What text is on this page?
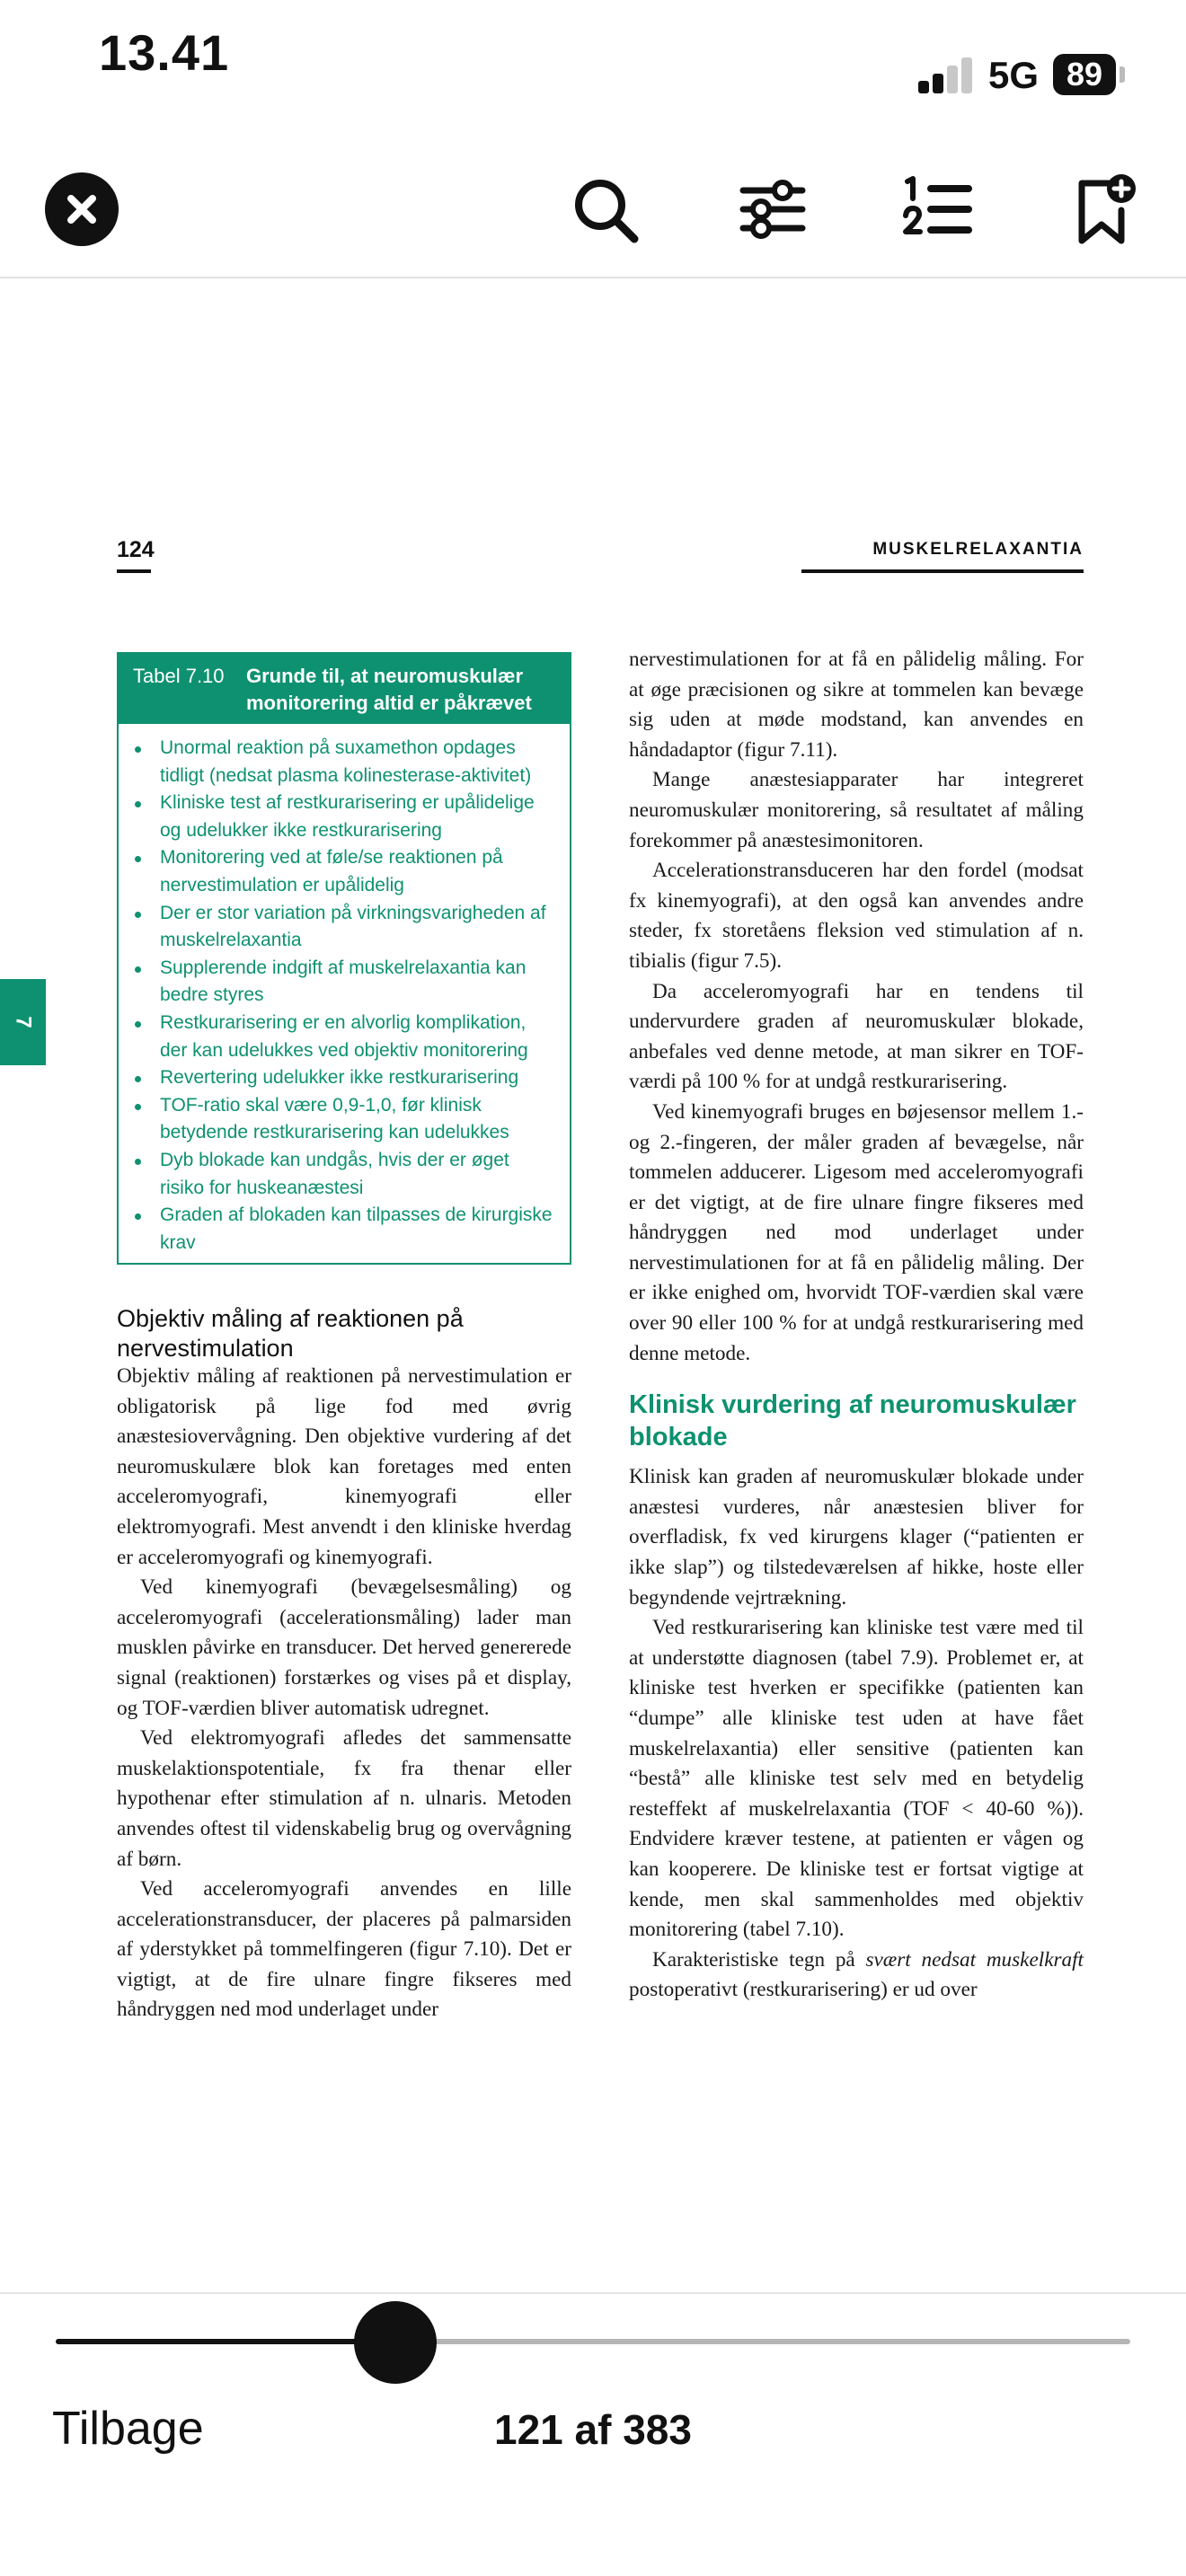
13.41	5G 89
124	MUSKELRELAXANTIA
7
Tabel 7.10	Grunde til, at neuromuskulær monitorering altid er påkrævet
Unormal reaktion på suxamethon opdages tidligt (nedsat plasma kolinesterase-aktivitet)
Kliniske test af restkurarisering er upålidelige og udelukker ikke restkurarisering
Monitorering ved at føle/se reaktionen på nervestimulation er upålidelig
Der er stor variation på virkningsvarigheden af muskelrelaxantia
Supplerende indgift af muskelrelaxantia kan bedre styres
Restkurarisering er en alvorlig komplikation, der kan udelukkes ved objektiv monitorering
Revertering udelukker ikke restkurarisering
TOF-ratio skal være 0,9-1,0, før klinisk betydende restkurarisering kan udelukkes
Dyb blokade kan undgås, hvis der er øget risiko for huskeanæstesi
Graden af blokaden kan tilpasses de kirurgiske krav
Objektiv måling af reaktionen på nervestimulation

Objektiv måling af reaktionen på nervestimulation er obligatorisk på lige fod med øvrig anæstesiovervågning. Den objektive vurdering af det neuromuskulære blok kan foretages med enten acceleromyografi, kinemyografi eller elektromyografi. Mest anvendt i den kliniske hverdag er acceleromyografi og kinemyografi.

Ved kinemyografi (bevægelsesmåling) og acceleromyografi (accelerationsmåling) lader man musklen påvirke en transducer. Det herved genererede signal (reaktionen) forstærkes og vises på et display, og TOF-værdien bliver automatisk udregnet.

Ved elektromyografi afledes det sammensatte muskelaktionspotentiale, fx fra thenar eller hypothenar efter stimulation af n. ulnaris. Metoden anvendes oftest til videnskabelig brug og overvågning af børn.

Ved acceleromyografi anvendes en lille accelerationstransducer, der placeres på palmarsiden af yderstykket på tommelfingeren (figur 7.10). Det er vigtigt, at de fire ulnare fingre fikseres med håndryggen ned mod underlaget under

nervestimulationen for at få en pålidelig måling. For at øge præcisionen og sikre at tommelen kan bevæge sig uden at møde modstand, kan anvendes en håndadaptor (figur 7.11).

Mange anæstesiapparater har integreret neuromuskulær monitorering, så resultatet af måling forekommer på anæstesimonitoren.

Accelerationstransduceren har den fordel (modsat fx kinemyografi), at den også kan anvendes andre steder, fx storetåens fleksion ved stimulation af n. tibialis (figur 7.5).

Da acceleromyografi har en tendens til undervurdere graden af neuromuskulær blokade, anbefales ved denne metode, at man sikrer en TOF-værdi på 100 % for at undgå restkurarisering.

Ved kinemyografi bruges en bøjesensor mellem 1.- og 2.-fingeren, der måler graden af bevægelse, når tommelen adducerer. Ligesom med acceleromyografi er det vigtigt, at de fire ulnare fingre fikseres med håndryggen ned mod underlaget under nervestimulationen for at få en pålidelig måling. Der er ikke enighed om, hvorvidt TOF-værdien skal være over 90 eller 100 % for at undgå restkurarisering med denne metode.

Klinisk vurdering af neuromuskulær blokade

Klinisk kan graden af neuromuskulær blokade under anæstesi vurderes, når anæstesien bliver for overfladisk, fx ved kirurgens klager (“patienten er ikke slap”) og tilstedeværelsen af hikke, hoste eller begyndende vejrtrækning.

Ved restkurarisering kan kliniske test være med til at understøtte diagnosen (tabel 7.9). Problemet er, at kliniske test hverken er specifikke (patienten kan “dumpe” alle kliniske test uden at have fået muskelrelaxantia) eller sensitive (patienten kan “bestå” alle kliniske test selv med en betydelig resteffekt af muskelrelaxantia (TOF < 40-60 %)). Endvidere kræver testene, at patienten er vågen og kan kooperere. De kliniske test er fortsat vigtige at kende, men skal sammenholdes med objektiv monitorering (tabel 7.10).

Karakteristiske tegn på svært nedsat muskelkraft postoperativt (restkurarisering) er ud over

Tilbage	121 af 383
